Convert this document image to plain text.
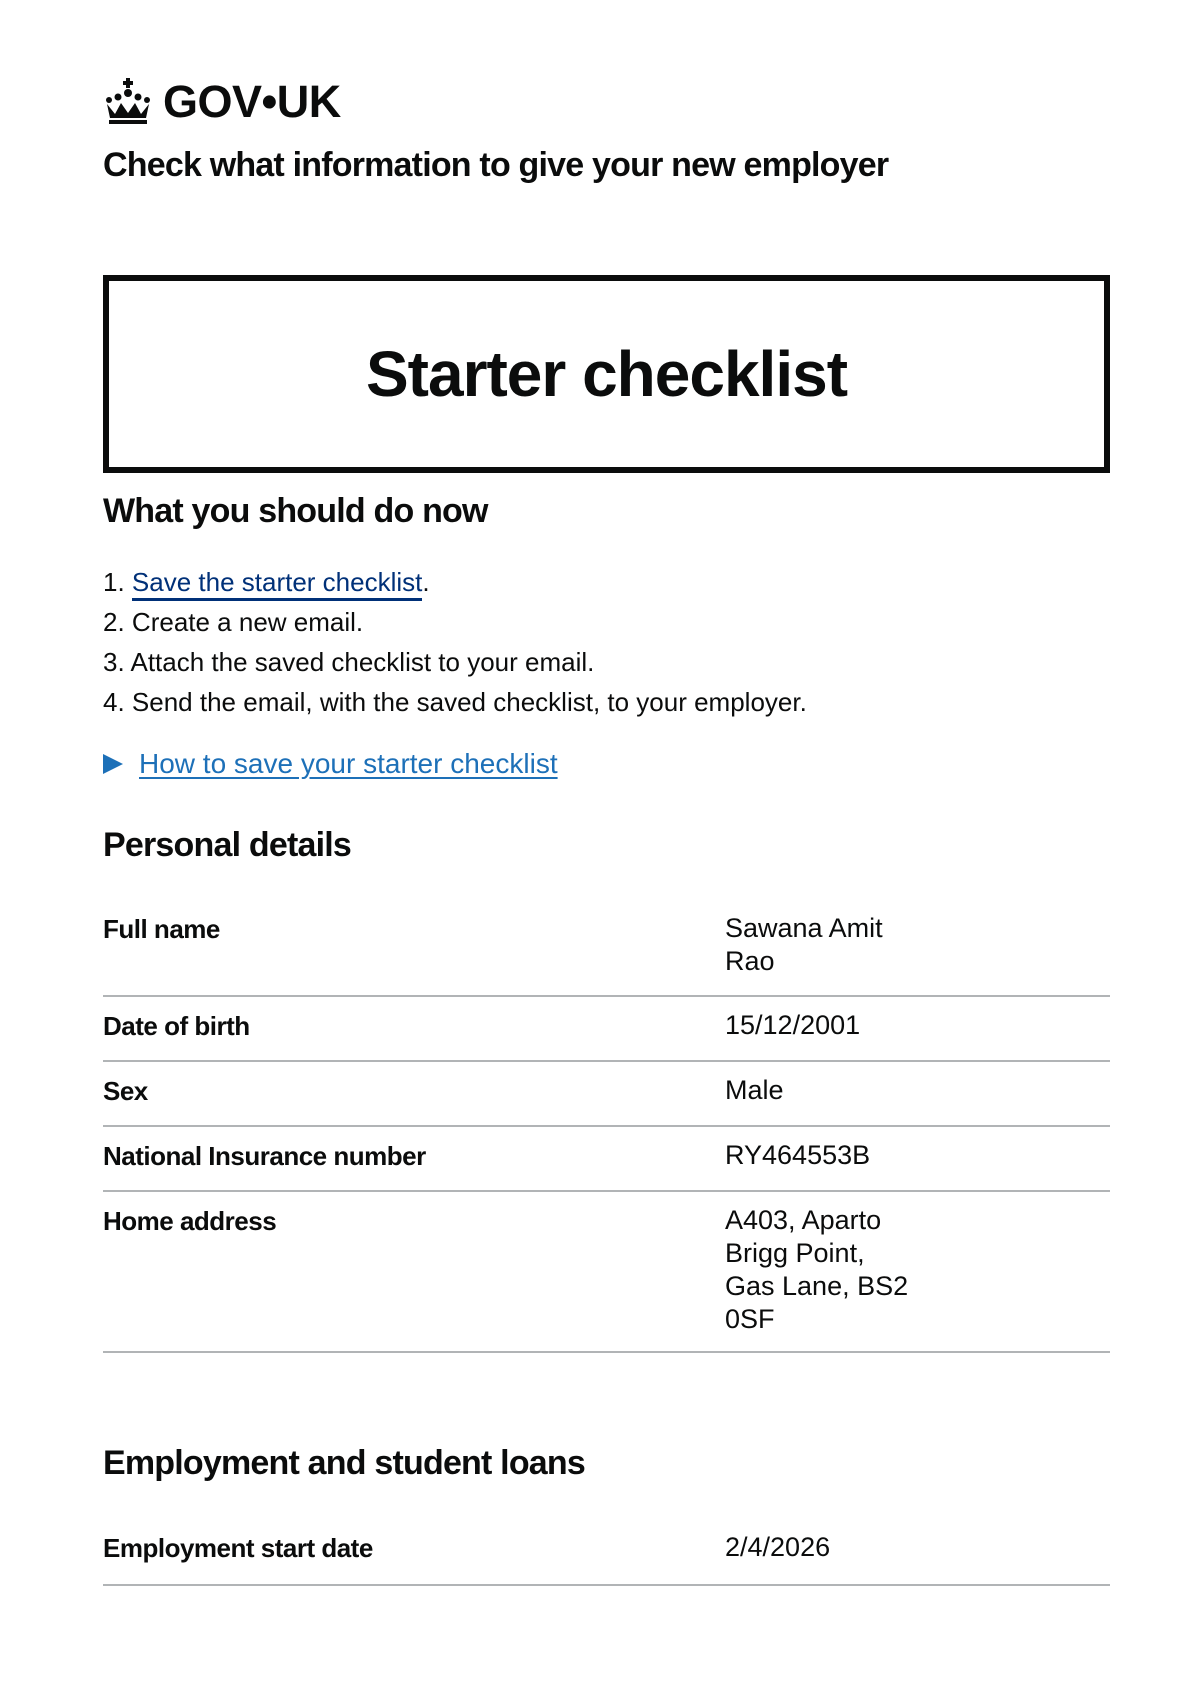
GOV•UK
Check what information to give your new employer
Starter checklist
What you should do now
1. Save the starter checklist.
2. Create a new email.
3. Attach the saved checklist to your email.
4. Send the email, with the saved checklist, to your employer.
How to save your starter checklist
Personal details
Full name	Sawana Amit
Rao
Date of birth	15/12/2001
Sex	Male
National Insurance number	RY464553B
Home address	A403, Aparto
Brigg Point,
Gas Lane, BS2
0SF
Employment and student loans
Employment start date	2/4/2026
